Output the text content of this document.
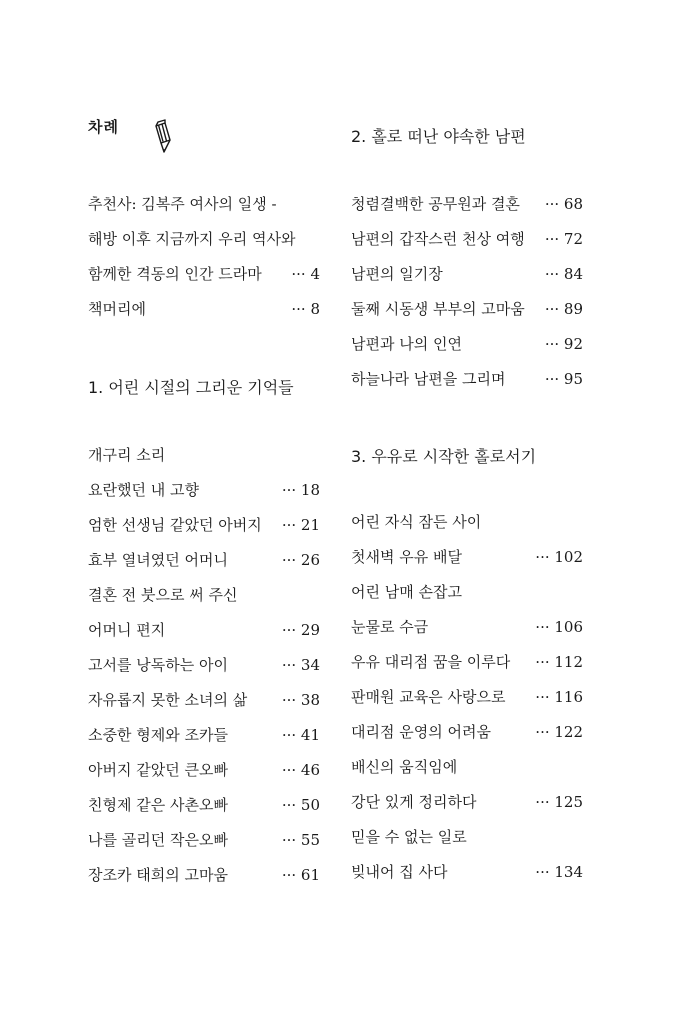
차례
추천사: 김복주 여사의 일생 -
해방 이후 지금까지 우리 역사와
함께한 격동의 인간 드라마 ··· 4
책머리에	··· 8
1. 어린 시절의 그리운 기억들
개구리 소리
요란했던 내 고향	··· 18
엄한 선생님 같았던 아버지 ··· 21
효부 열녀였던 어머니	··· 26
결혼 전 붓으로 써 주신
어머니 편지	··· 29
고서를 낭독하는 아이	··· 34
자유롭지 못한 소녀의 삶 ··· 38
소중한 형제와 조카들	··· 41
아버지 같았던 큰오빠	··· 46
친형제 같은 사촌오빠	··· 50
나를 골리던 작은오빠	··· 55
장조카 태희의 고마움	··· 61
2. 홀로 떠난 야속한 남편
청렴결백한 공무원과 결혼 ··· 68
남편의 갑작스런 천상 여행 ··· 72
남편의 일기장	··· 84
둘째 시동생 부부의 고마움 ··· 89
남편과 나의 인연	··· 92
하늘나라 남편을 그리며	··· 95
3. 우유로 시작한 홀로서기
어린 자식 잠든 사이
첫새벽 우유 배달	··· 102
어린 남매 손잡고
눈물로 수금	··· 106
우유 대리점 꿈을 이루다 ··· 112
판매원 교육은 사랑으로 ··· 116
대리점 운영의 어려움	··· 122
배신의 움직임에
강단 있게 정리하다	··· 125
믿을 수 없는 일로
빚내어 집 사다	··· 134
